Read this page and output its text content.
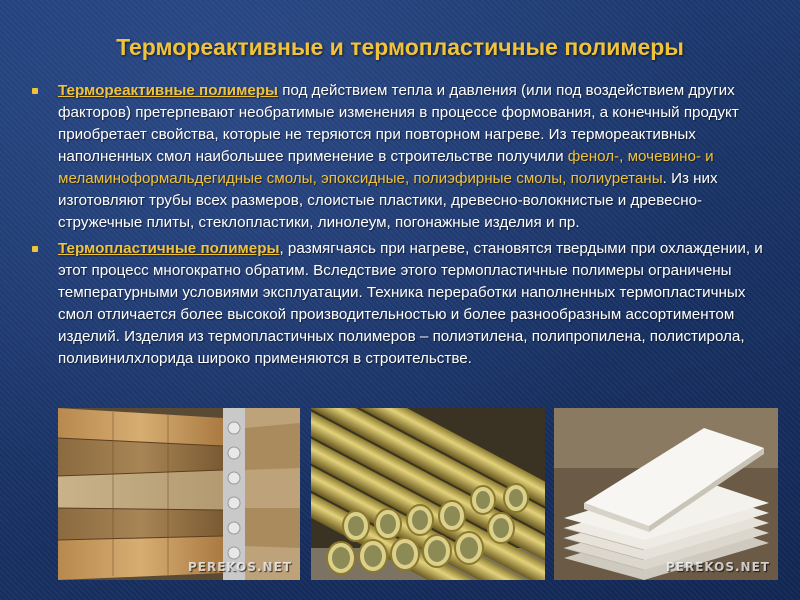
Термореактивные и термопластичные полимеры

Термореактивные полимеры под действием тепла и давления (или под воздействием других факторов) претерпевают необратимые изменения в процессе формования, а конечный продукт приобретает свойства, которые не теряются при повторном нагреве. Из термореактивных наполненных смол наибольшее применение в строительстве получили фенол-, мочевино- и меламиноформальдегидные смолы, эпоксидные, полиэфирные смолы, полиуретаны. Из них изготовляют трубы всех размеров, слоистые пластики, древесно-волокнистые и древесно-стружечные плиты, стеклопластики, линолеум, погонажные изделия и пр.

Термопластичные полимеры, размягчаясь при нагреве, становятся твердыми при охлаждении, и этот процесс многократно обратим. Вследствие этого термопластичные полимеры ограничены температурными условиями эксплуатации. Техника переработки наполненных термопластичных смол отличается более высокой производительностью и более разнообразным ассортиментом изделий. Изделия из термопластичных полимеров – полиэтилена, полипропилена, полистирола, поливинилхлорида широко применяются в строительстве.

PEREKOS.NET	PEREKOS.NET
